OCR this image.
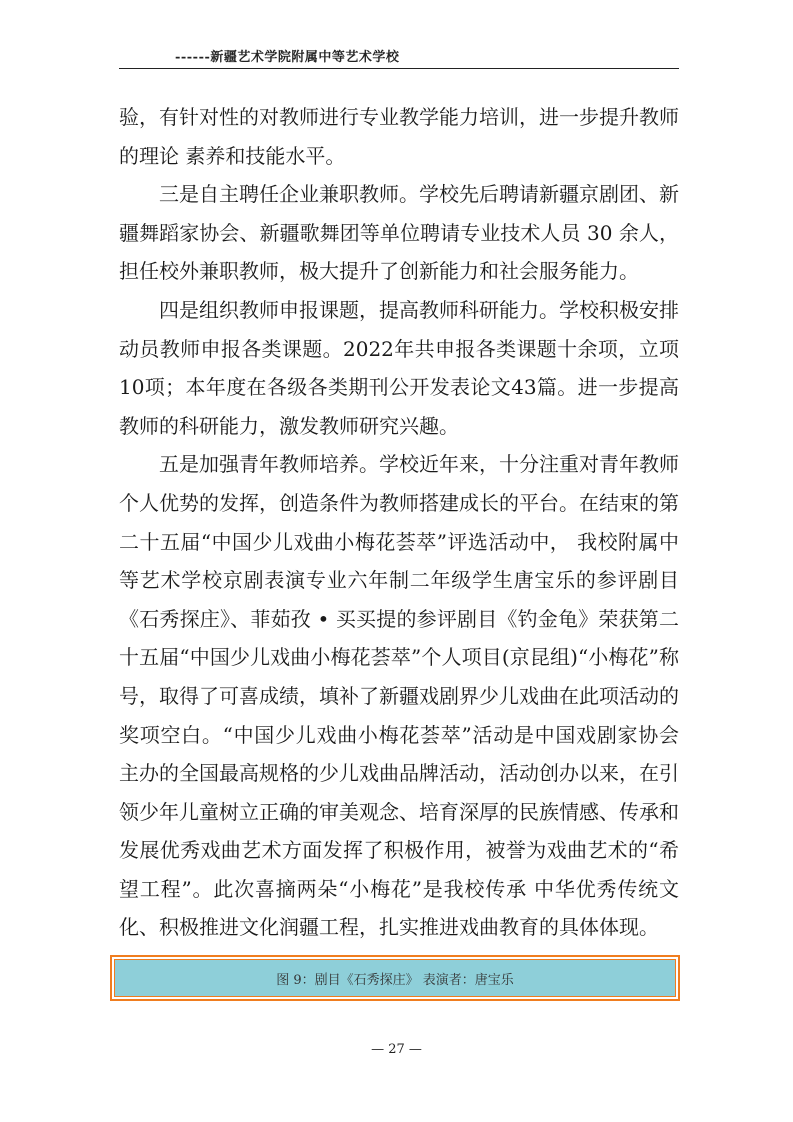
------新疆艺术学院附属中等艺术学校

验，有针对性的对教师进行专业教学能力培训，进一步提升教师的理论 素养和技能水平。

三是自主聘任企业兼职教师。学校先后聘请新疆京剧团、新疆舞蹈家协会、新疆歌舞团等单位聘请专业技术人员 30 余人， 担任校外兼职教师，极大提升了创新能力和社会服务能力。

四是组织教师申报课题，提高教师科研能力。学校积极安排动员教师申报各类课题。2022年共申报各类课题十余项，立项10项；本年度在各级各类期刊公开发表论文43篇。进一步提高 教师的科研能力，激发教师研究兴趣。

五是加强青年教师培养。学校近年来，十分注重对青年教师个人优势的发挥，创造条件为教师搭建成长的平台。在结束的第二十五届“中国少儿戏曲小梅花荟萃”评选活动中， 我校附属中等艺术学校京剧表演专业六年制二年级学生唐宝乐的参评剧目《石秀探庄》、菲茹孜 • 买买提的参评剧目《钓金龟》荣获第二十五届“中国少儿戏曲小梅花荟萃”个人项目(京昆组)“小梅花”称号，取得了可喜成绩，填补了新疆戏剧界少儿戏曲在此项活动的奖项空白。“中国少儿戏曲小梅花荟萃”活动是中国戏剧家协会主办的全国最高规格的少儿戏曲品牌活动，活动创办以来，在引领少年儿童树立正确的审美观念、培育深厚的民族情感、传承和发展优秀戏曲艺术方面发挥了积极作用，被誉为戏曲艺术的“希望工程”。此次喜摘两朵“小梅花”是我校传承 中华优秀传统文化、积极推进文化润疆工程，扎实推进戏曲教育的具体体现。

图 9：剧目《石秀探庄》 表演者：唐宝乐
— 27 —
